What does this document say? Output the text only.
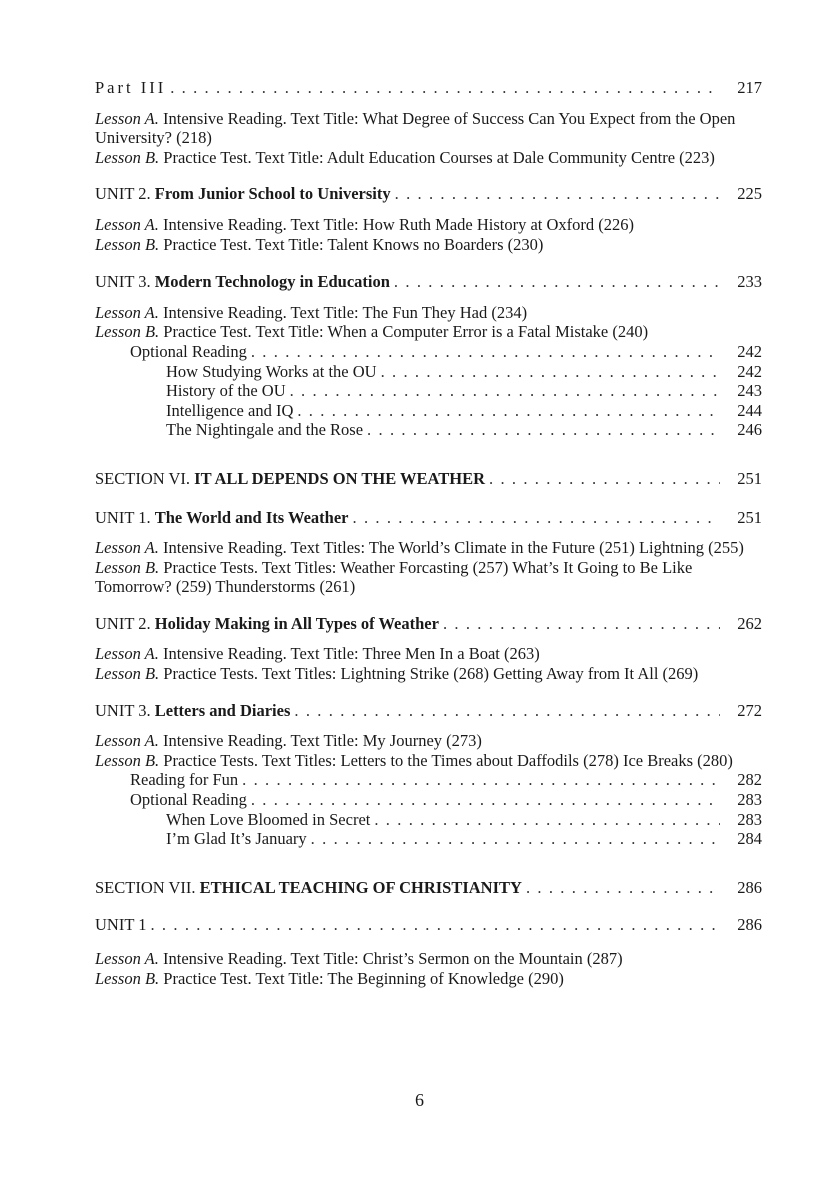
Part III . . .	217

Lesson A. Intensive Reading. Text Title: What Degree of Success Can You Expect from the Open University? (218)

Lesson B. Practice Test. Text Title: Adult Education Courses at Dale Community Centre (223)

UNIT 2. From Junior School to University . . .	225

Lesson A. Intensive Reading. Text Title: How Ruth Made History at Oxford (226)

Lesson B. Practice Test. Text Title: Talent Knows no Boarders (230)

UNIT 3. Modern Technology in Education . . .	233

Lesson A. Intensive Reading. Text Title: The Fun They Had (234)

Lesson B. Practice Test. Text Title: When a Computer Error is a Fatal Mistake (240)

Optional Reading . . .	242
How Studying Works at the OU . . .	242
History of the OU . . .	243
Intelligence and IQ . . .	244
The Nightingale and the Rose . . .	246
SECTION VI. IT ALL DEPENDS ON THE WEATHER . . .	251
UNIT 1. The World and Its Weather . . .	251

Lesson A. Intensive Reading. Text Titles: The World’s Climate in the Future (251) Lightning (255)

Lesson B. Practice Tests. Text Titles: Weather Forcasting (257) What’s It Going to Be Like Tomorrow? (259) Thunderstorms (261)

UNIT 2. Holiday Making in All Types of Weather . . .	262

Lesson A. Intensive Reading. Text Title: Three Men In a Boat (263)

Lesson B. Practice Tests. Text Titles: Lightning Strike (268) Getting Away from It All (269)

UNIT 3. Letters and Diaries . . .	272

Lesson A. Intensive Reading. Text Title: My Journey (273)

Lesson B. Practice Tests. Text Titles: Letters to the Times about Daffodils (278) Ice Breaks (280)

Reading for Fun . . .	282
Optional Reading . . .	283
When Love Bloomed in Secret . . .	283
I’m Glad It’s January . . .	284
SECTION VII. ETHICAL TEACHING OF CHRISTIANITY . . .	286
UNIT 1 . . .	286

Lesson A. Intensive Reading. Text Title: Christ’s Sermon on the Mountain (287)

Lesson B. Practice Test. Text Title: The Beginning of Knowledge (290)

6
